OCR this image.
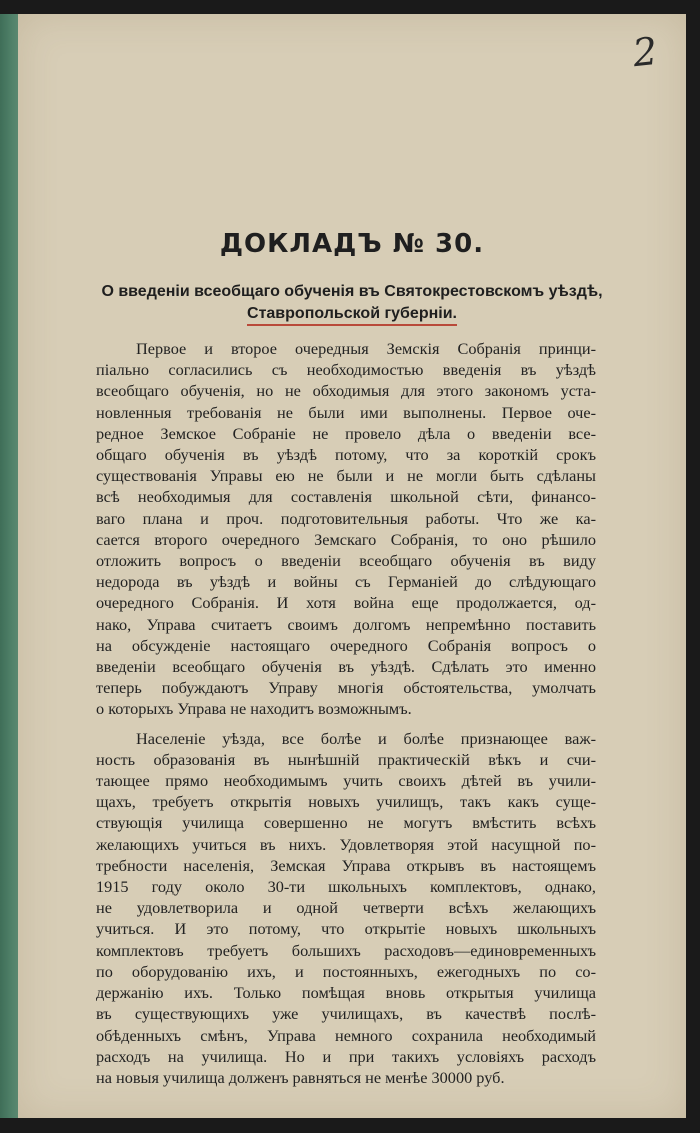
2
ДОКЛАДЪ № 30.
О введенiи всеобщаго обученiя въ Святокрестовскомъ уѣздѣ,
Ставропольской губернiи.
Первое и второе очередныя Земскiя Собранiя принци-
пiально согласились съ необходимостью введенiя въ уѣздѣ
всеобщаго обученiя, но не обходимыя для этого закономъ уста-
новленныя требованiя не были ими выполнены. Первое оче-
редное Земское Собранiе не провело дѣла о введенiи все-
общаго обученiя въ уѣздѣ потому, что за короткiй срокъ
существованiя Управы ею не были и не могли быть сдѣланы
всѣ необходимыя для составленiя школьной сѣти, финансо-
ваго плана и проч. подготовительныя работы. Что же ка-
сается второго очередного Земскаго Собранiя, то оно рѣшило
отложить вопросъ о введенiи всеобщаго обученiя въ виду
недорода въ уѣздѣ и войны съ Германiей до слѣдующаго
очередного Собранiя. И хотя война еще продолжается, од-
нако, Управа считаетъ своимъ долгомъ непремѣнно поставить
на обсужденiе настоящаго очередного Собранiя вопросъ о
введенiи всеобщаго обученiя въ уѣздѣ. Сдѣлать это именно
теперь побуждаютъ Управу многiя обстоятельства, умолчать
о которыхъ Управа не находитъ возможнымъ.
Населенiе уѣзда, все болѣе и болѣе признающее важ-
ность образованiя въ нынѣшнiй практическiй вѣкъ и счи-
тающее прямо необходимымъ учить своихъ дѣтей въ учили-
щахъ, требуетъ открытiя новыхъ училищъ, такъ какъ суще-
ствующiя училища совершенно не могутъ вмѣстить всѣхъ
желающихъ учиться въ нихъ. Удовлетворяя этой насущной по-
требности населенiя, Земская Управа открывъ въ настоящемъ
1915 году около 30-ти школьныхъ комплектовъ, однако,
не удовлетворила и одной четверти всѣхъ желающихъ
учиться. И это потому, что открытiе новыхъ школьныхъ
комплектовъ требуетъ большихъ расходовъ—единовременныхъ
по оборудованiю ихъ, и постоянныхъ, ежегодныхъ по со-
держанiю ихъ. Только помѣщая вновь открытыя училища
въ существующихъ уже училищахъ, въ качествѣ послѣ-
обѣденныхъ смѣнъ, Управа немного сохранила необходимый
расходъ на училища. Но и при такихъ условiяхъ расходъ
на новыя училища долженъ равняться не менѣе 30000 руб.
